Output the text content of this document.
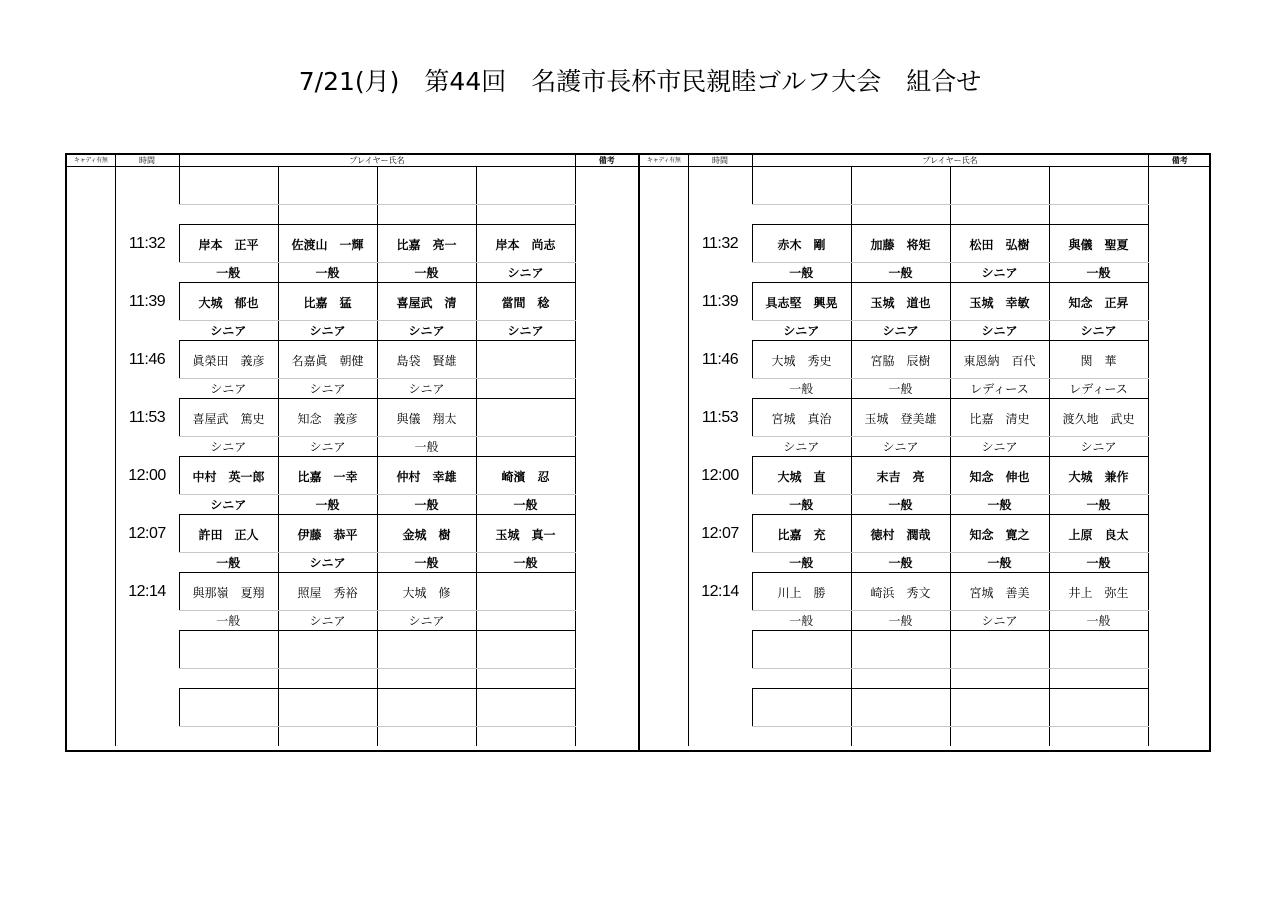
7/21(月)　第44回　名護市長杯市民親睦ゴルフ大会　組合せ
キャディ有無	時間	プレイヤー氏名				備考

	11:32	岸本　正平	佐渡山　一輝	比嘉　亮一	岸本　尚志	
		一般	一般	一般	シニア	
	11:39	大城　郁也	比嘉　猛	喜屋武　清	當間　稔	
		シニア	シニア	シニア	シニア	
	11:46	眞榮田　義彦	名嘉眞　朝健	島袋　賢雄		
		シニア	シニア	シニア		
	11:53	喜屋武　篤史	知念　義彦	與儀　翔太		
		シニア	シニア	一般		
	12:00	中村　英一郎	比嘉　一幸	仲村　幸雄	崎濱　忍	
		シニア	一般	一般	一般	
	12:07	許田　正人	伊藤　恭平	金城　樹	玉城　真一	
		一般	シニア	一般	一般	
	12:14	與那嶺　夏翔	照屋　秀裕	大城　修		
		一般	シニア	シニア		

キャディ有無	時間	プレイヤー氏名				備考

	11:32	赤木　剛	加藤　将矩	松田　弘樹	與儀　聖夏	
		一般	一般	シニア	一般	
	11:39	具志堅　興晃	玉城　道也	玉城　幸敏	知念　正昇	
		シニア	シニア	シニア	シニア	
	11:46	大城　秀史	宮脇　辰樹	東恩納　百代	関　華	
		一般	一般	レディース	レディース	
	11:53	宮城　真治	玉城　登美雄	比嘉　清史	渡久地　武史	
		シニア	シニア	シニア	シニア	
	12:00	大城　直	末吉　亮	知念　伸也	大城　兼作	
		一般	一般	一般	一般	
	12:07	比嘉　充	徳村　潤哉	知念　寛之	上原　良太	
		一般	一般	一般	一般	
	12:14	川上　勝	崎浜　秀文	宮城　善美	井上　弥生	
		一般	一般	シニア	一般	
